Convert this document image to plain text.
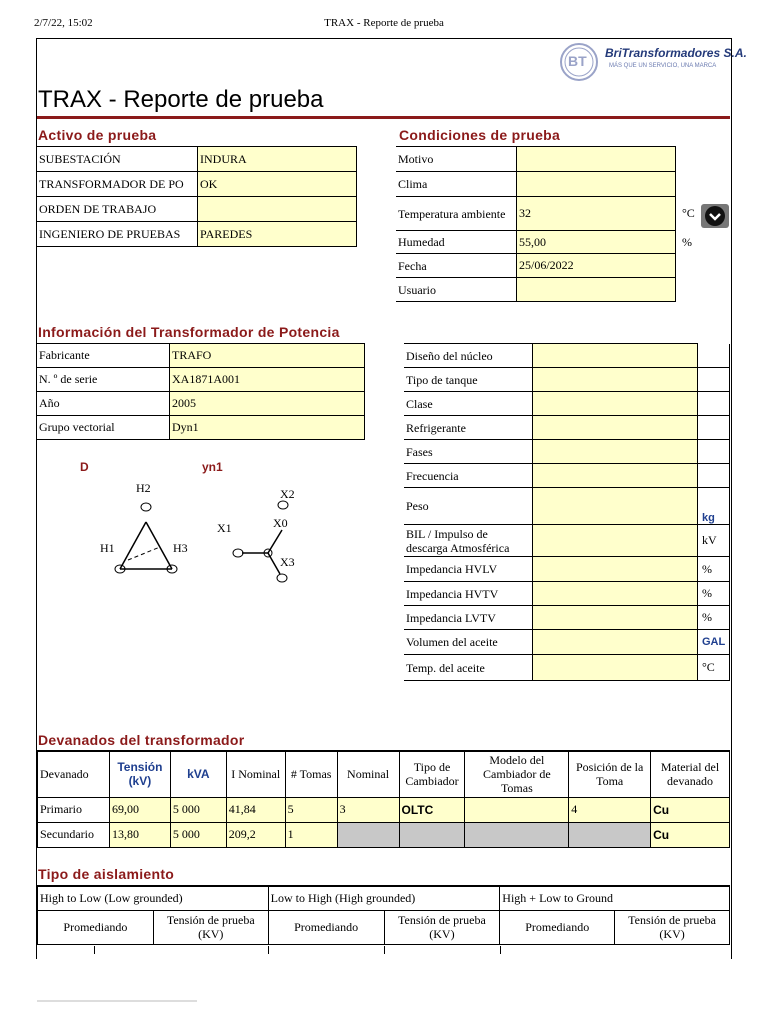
2/7/22, 15:02	TRAX - Reporte de prueba
BT BriTransformadores S.A.
MÁS QUE UN SERVICIO, UNA MARCA
TRAX - Reporte de prueba
Activo de prueba
SUBESTACIÓN	INDURA
TRANSFORMADOR DE PO	OK
ORDEN DE TRABAJO	
INGENIERO DE PRUEBAS	PAREDES
Condiciones de prueba
Motivo		
Clima		
Temperatura ambiente	32	°C
Humedad	55,00	%
Fecha	25/06/2022	
Usuario		
Información del Transformador de Potencia
Fabricante	TRAFO
N. º de serie	XA1871A001
Año	2005
Grupo vectorial	Dyn1
Diseño del núcleo		
Tipo de tanque		
Clase		
Refrigerante		
Fases		
Frecuencia		
Peso		kg
BIL / Impulso de descarga Atmosférica		kV
Impedancia HVLV		%
Impedancia HVTV		%
Impedancia LVTV		%
Volumen del aceite		GAL
Temp. del aceite		°C
D	yn1
H2
H1	H3
X2
X0
X1
X3
Devanados del transformador
Devanado	Tensión (kV)	kVA	I Nominal	# Tomas	Nominal	Tipo de Cambiador	Modelo del Cambiador de Tomas	Posición de la Toma	Material del devanado
Primario	69,00	5 000	41,84	5	3	OLTC		4	Cu
Secundario	13,80	5 000	209,2	1					Cu
Tipo de aislamiento
High to Low (Low grounded)		Low to High (High grounded)		High + Low to Ground	
Promediando	Tensión de prueba (KV)	Promediando	Tensión de prueba (KV)	Promediando	Tensión de prueba (KV)
